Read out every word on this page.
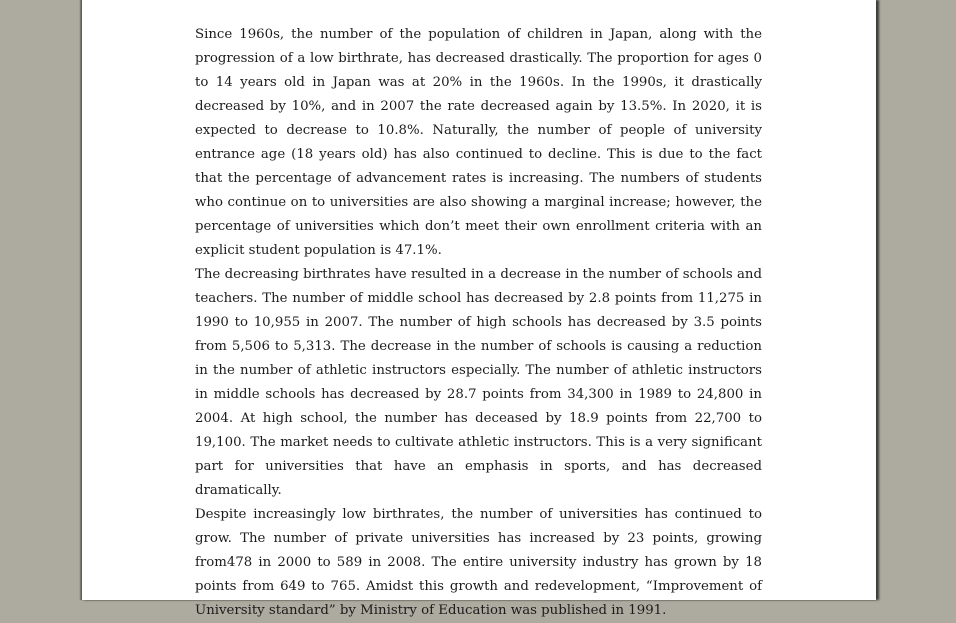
Since 1960s, the number of the population of children in Japan, along with the progression of a low birthrate, has decreased drastically. The proportion for ages 0 to 14 years old in Japan was at 20% in the 1960s. In the 1990s, it drastically decreased by 10%, and in 2007 the rate decreased again by 13.5%. In 2020, it is expected to decrease to 10.8%. Naturally, the number of people of university entrance age (18 years old) has also continued to decline. This is due to the fact that the percentage of advancement rates is increasing. The numbers of students who continue on to universities are also showing a marginal increase; however, the percentage of universities which don’t meet their own enrollment criteria with an explicit student population is 47.1%.

The decreasing birthrates have resulted in a decrease in the number of schools and teachers. The number of middle school has decreased by 2.8 points from 11,275 in 1990 to 10,955 in 2007. The number of high schools has decreased by 3.5 points from 5,506 to 5,313. The decrease in the number of schools is causing a reduction in the number of athletic instructors especially. The number of athletic instructors in middle schools has decreased by 28.7 points from 34,300 in 1989 to 24,800 in 2004. At high school, the number has deceased by 18.9 points from 22,700 to 19,100. The market needs to cultivate athletic instructors. This is a very significant part for universities that have an emphasis in sports, and has decreased dramatically.

Despite increasingly low birthrates, the number of universities has continued to grow. The number of private universities has increased by 23 points, growing from478 in 2000 to 589 in 2008. The entire university industry has grown by 18 points from 649 to 765. Amidst this growth and redevelopment, “Improvement of University standard” by Ministry of Education was published in 1991.
